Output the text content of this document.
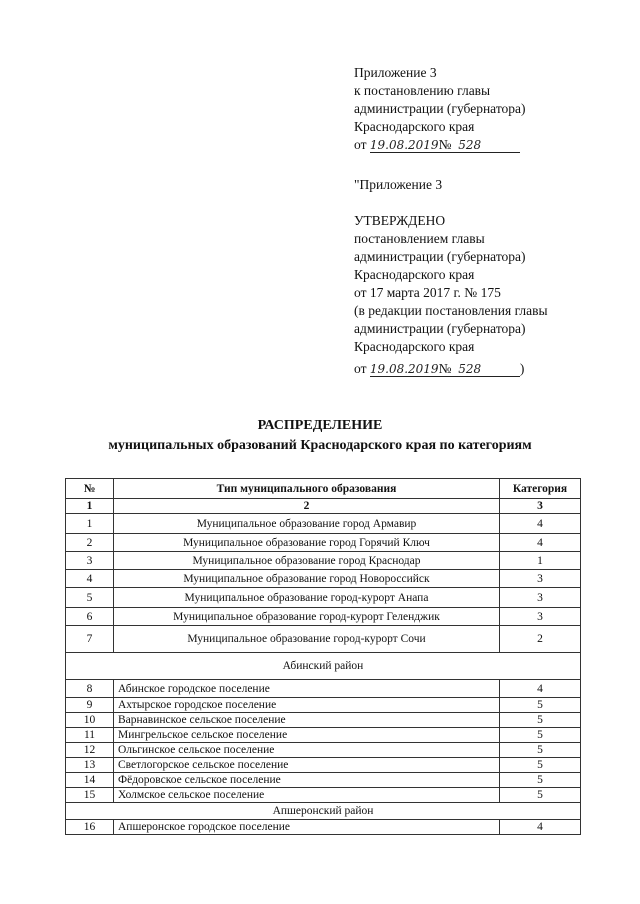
Приложение 3
к постановлению главы
администрации (губернатора)
Краснодарского края
от 19.08.2019№ 528
"Приложение 3
УТВЕРЖДЕНО
постановлением главы
администрации (губернатора)
Краснодарского края
от 17 марта 2017 г. № 175
(в редакции постановления главы
администрации (губернатора)
Краснодарского края
от 19.08.2019№ 528	)
РАСПРЕДЕЛЕНИЕ
муниципальных образований Краснодарского края по категориям
№	Тип муниципального образования	Категория
1	2	3
1	Муниципальное образование город Армавир	4
2	Муниципальное образование город Горячий Ключ	4
3	Муниципальное образование город Краснодар	1
4	Муниципальное образование город Новороссийск	3
5	Муниципальное образование город-курорт Анапа	3
6	Муниципальное образование город-курорт Геленджик	3
7	Муниципальное образование город-курорт Сочи	2
Абинский район		
8	Абинское городское поселение	4
9	Ахтырское городское поселение	5
10	Варнавинское сельское поселение	5
11	Мингрельское сельское поселение	5
12	Ольгинское сельское поселение	5
13	Светлогорское сельское поселение	5
14	Фёдоровское сельское поселение	5
15	Холмское сельское поселение	5
Апшеронский район		
16	Апшеронское городское поселение	4
